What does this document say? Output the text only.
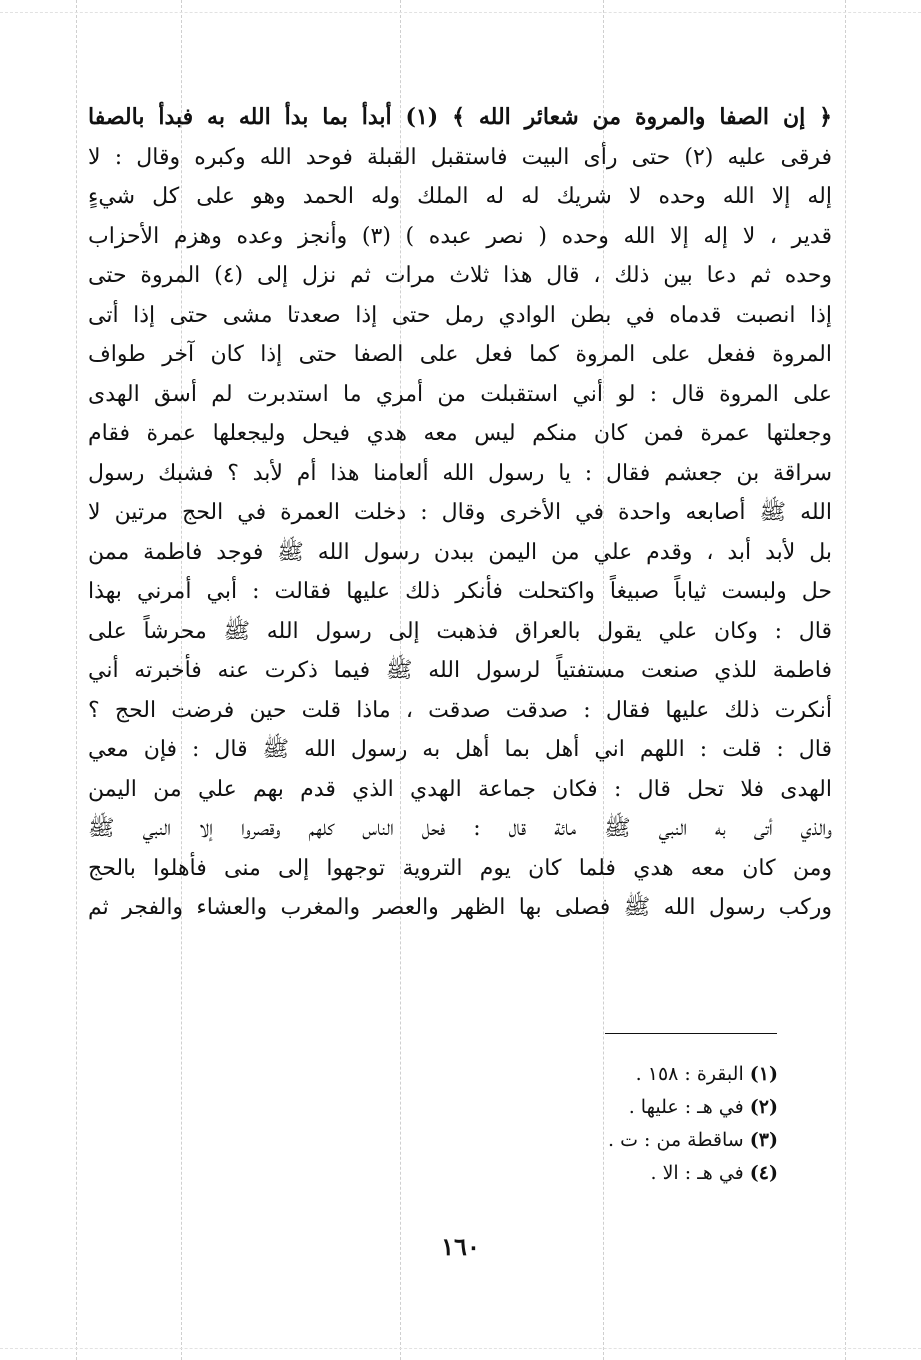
﴿ إن الصفا والمروة من شعائر الله ﴾ (١) أبدأ بما بدأ الله به فبدأ بالصفا
فرقى عليه (٢) حتى رأى البيت فاستقبل القبلة فوحد الله وكبره وقال : لا
إله إلا الله وحده لا شريك له له الملك وله الحمد وهو على كل شيءٍ
قدير ، لا إله إلا الله وحده ( نصر عبده ) (٣) وأنجز وعده وهزم الأحزاب
وحده ثم دعا بين ذلك ، قال هذا ثلاث مرات ثم نزل إلى (٤) المروة حتى
إذا انصبت قدماه في بطن الوادي رمل حتى إذا صعدتا مشى حتى إذا أتى
المروة ففعل على المروة كما فعل على الصفا حتى إذا كان آخر طواف
على المروة قال : لو أني استقبلت من أمري ما استدبرت لم أسق الهدى
وجعلتها عمرة فمن كان منكم ليس معه هدي فيحل وليجعلها عمرة فقام
سراقة بن جعشم فقال : يا رسول الله ألعامنا هذا أم لأبد ؟ فشبك رسول
الله ﷺ أصابعه واحدة في الأخرى وقال : دخلت العمرة في الحج مرتين لا
بل لأبد أبد ، وقدم علي من اليمن ببدن رسول الله ﷺ فوجد فاطمة ممن
حل ولبست ثياباً صبيغاً واكتحلت فأنكر ذلك عليها فقالت : أبي أمرني بهذا
قال : وكان علي يقول بالعراق فذهبت إلى رسول الله ﷺ محرشاً على
فاطمة للذي صنعت مستفتياً لرسول الله ﷺ فيما ذكرت عنه فأخبرته أني
أنكرت ذلك عليها فقال : صدقت صدقت ، ماذا قلت حين فرضت الحج ؟
قال : قلت : اللهم اني أهل بما أهل به رسول الله ﷺ قال : فإن معي
الهدى فلا تحل قال : فكان جماعة الهدي الذي قدم بهم علي من اليمن
والذي أتى به النبي ﷺ مائة قال : فحل الناس كلهم وقصروا إلا النبي ﷺ
ومن كان معه هدي فلما كان يوم التروية توجهوا إلى منى فأهلوا بالحج
وركب رسول الله ﷺ فصلى بها الظهر والعصر والمغرب والعشاء والفجر ثم
(١) البقرة : ١٥٨ .
(٢) في هـ : عليها .
(٣) ساقطة من : ت .
(٤) في هـ : الا .
١٦٠
